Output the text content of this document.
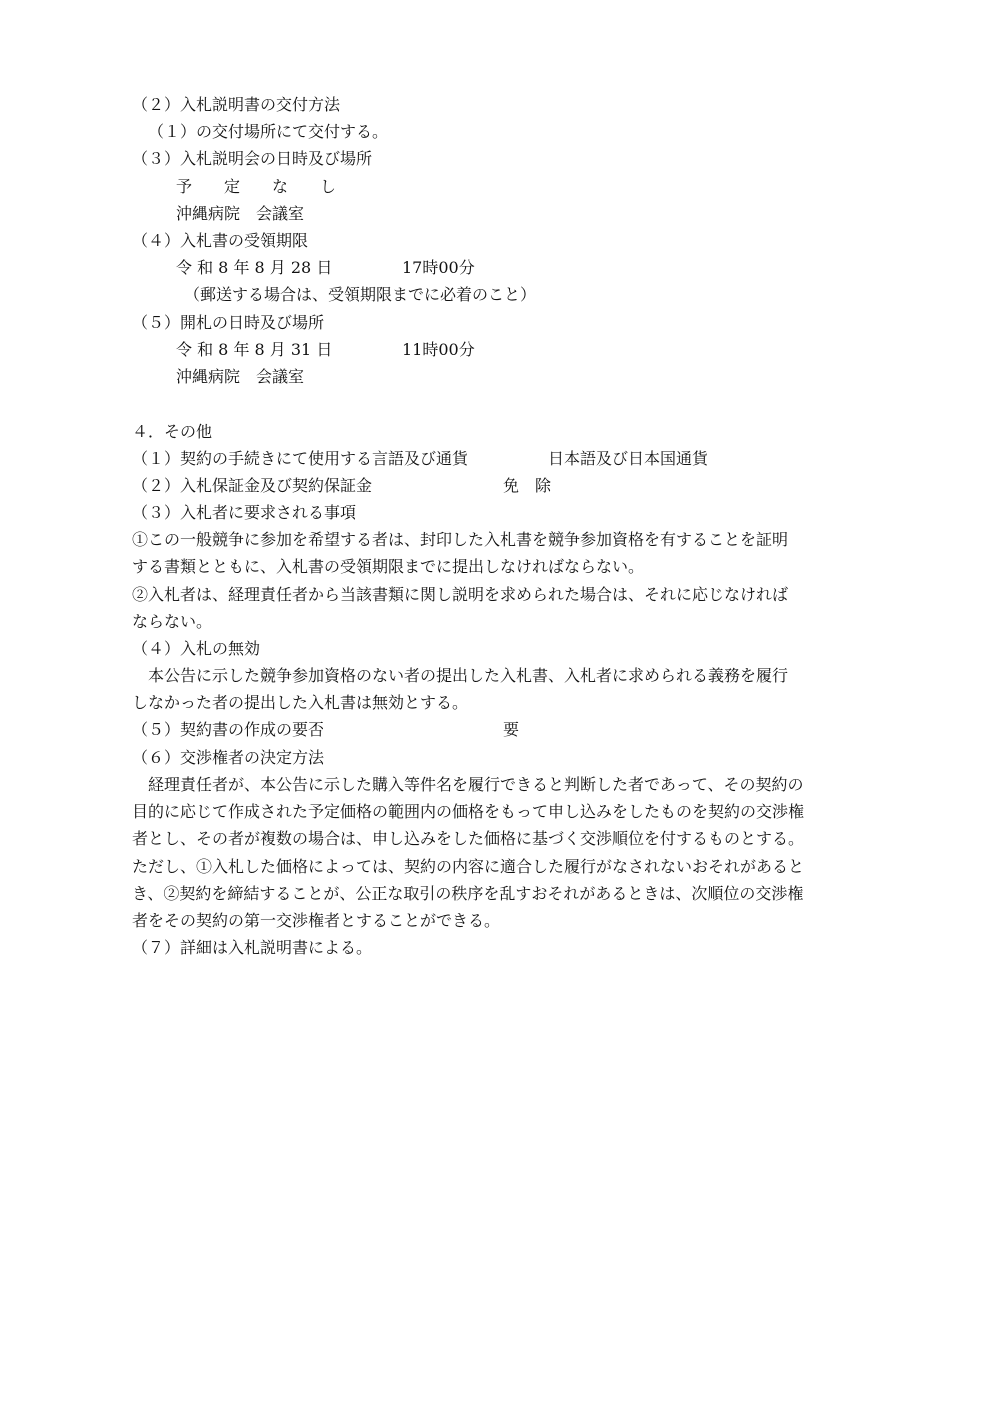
（２）入札説明書の交付方法
（１）の交付場所にて交付する。
（３）入札説明会の日時及び場所
予　　定　　な　　し
沖縄病院　会議室
（４）入札書の受領期限
令 和 8 年 8 月 28 日	17時00分
（郵送する場合は、受領期限までに必着のこと）
（５）開札の日時及び場所
令 和 8 年 8 月 31 日	11時00分
沖縄病院　会議室
４．その他
（１）契約の手続きにて使用する言語及び通貨	日本語及び日本国通貨
（２）入札保証金及び契約保証金	免　除
（３）入札者に要求される事項
①この一般競争に参加を希望する者は、封印した入札書を競争参加資格を有することを証明
する書類とともに、入札書の受領期限までに提出しなければならない。
②入札者は、経理責任者から当該書類に関し説明を求められた場合は、それに応じなければ
ならない。
（４）入札の無効
本公告に示した競争参加資格のない者の提出した入札書、入札者に求められる義務を履行
しなかった者の提出した入札書は無効とする。
（５）契約書の作成の要否	要
（６）交渉権者の決定方法
経理責任者が、本公告に示した購入等件名を履行できると判断した者であって、その契約の
目的に応じて作成された予定価格の範囲内の価格をもって申し込みをしたものを契約の交渉権
者とし、その者が複数の場合は、申し込みをした価格に基づく交渉順位を付するものとする。
ただし、①入札した価格によっては、契約の内容に適合した履行がなされないおそれがあると
き、②契約を締結することが、公正な取引の秩序を乱すおそれがあるときは、次順位の交渉権
者をその契約の第一交渉権者とすることができる。
（７）詳細は入札説明書による。
